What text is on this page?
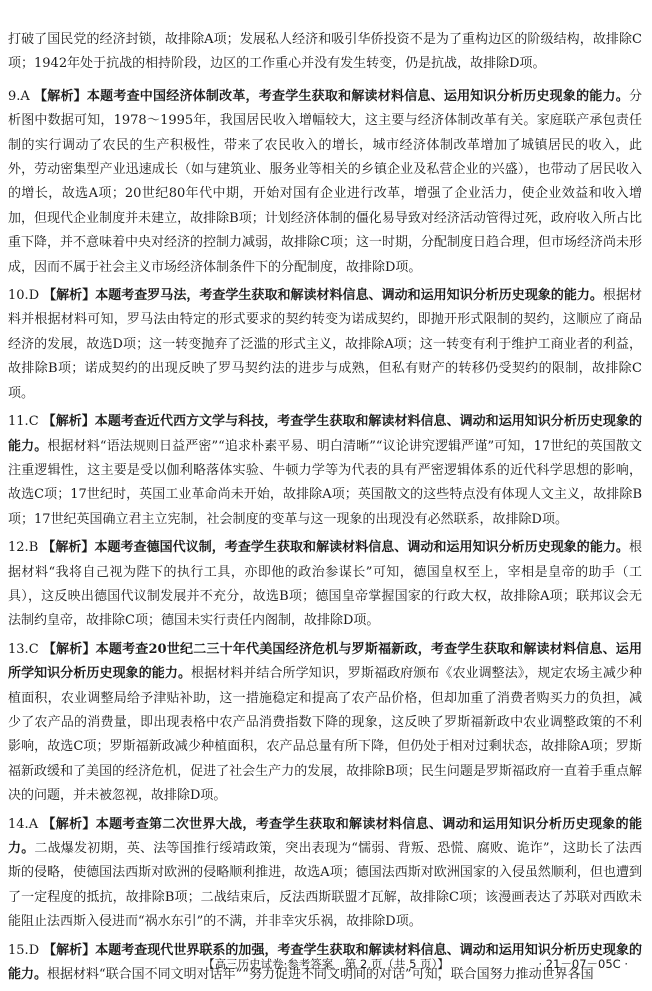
打破了国民党的经济封锁，故排除A项；发展私人经济和吸引华侨投资不是为了重构边区的阶级结构，故排除C项；1942年处于抗战的相持阶段，边区的工作重心并没有发生转变，仍是抗战，故排除D项。

9.A 【解析】本题考查中国经济体制改革，考查学生获取和解读材料信息、运用知识分析历史现象的能力。分析图中数据可知，1978～1995年，我国居民收入增幅较大，这主要与经济体制改革有关。家庭联产承包责任制的实行调动了农民的生产积极性，带来了农民收入的增长，城市经济体制改革增加了城镇居民的收入，此外，劳动密集型产业迅速成长（如与建筑业、服务业等相关的乡镇企业及私营企业的兴盛），也带动了居民收入的增长，故选A项；20世纪80年代中期，开始对国有企业进行改革，增强了企业活力，使企业效益和收入增加，但现代企业制度并未建立，故排除B项；计划经济体制的僵化易导致对经济活动管得过死，政府收入所占比重下降，并不意味着中央对经济的控制力减弱，故排除C项；这一时期，分配制度日趋合理，但市场经济尚未形成，因而不属于社会主义市场经济体制条件下的分配制度，故排除D项。

10.D 【解析】本题考查罗马法，考查学生获取和解读材料信息、调动和运用知识分析历史现象的能力。根据材料并根据材料可知，罗马法由特定的形式要求的契约转变为诺成契约，即抛开形式限制的契约，这顺应了商品经济的发展，故选D项；这一转变抛弃了泛滥的形式主义，故排除A项；这一转变有利于维护工商业者的利益，故排除B项；诺成契约的出现反映了罗马契约法的进步与成熟，但私有财产的转移仍受契约的限制，故排除C项。

11.C 【解析】本题考查近代西方文学与科技，考查学生获取和解读材料信息、调动和运用知识分析历史现象的能力。根据材料“语法规则日益严密”“追求朴素平易、明白清晰”“议论讲究逻辑严谨”可知，17世纪的英国散文注重逻辑性，这主要是受以伽利略落体实验、牛顿力学等为代表的具有严密逻辑体系的近代科学思想的影响，故选C项；17世纪时，英国工业革命尚未开始，故排除A项；英国散文的这些特点没有体现人文主义，故排除B项；17世纪英国确立君主立宪制，社会制度的变革与这一现象的出现没有必然联系，故排除D项。

12.B 【解析】本题考查德国代议制，考查学生获取和解读材料信息、调动和运用知识分析历史现象的能力。根据材料“我将自己视为陛下的执行工具，亦即他的政治参谋长”可知，德国皇权至上，宰相是皇帝的助手（工具），这反映出德国代议制发展并不充分，故选B项；德国皇帝掌握国家的行政大权，故排除A项；联邦议会无法制约皇帝，故排除C项；德国未实行责任内阁制，故排除D项。

13.C 【解析】本题考查20世纪二三十年代美国经济危机与罗斯福新政，考查学生获取和解读材料信息、运用所学知识分析历史现象的能力。根据材料并结合所学知识，罗斯福政府颁布《农业调整法》，规定农场主减少种植面积，农业调整局给予津贴补助，这一措施稳定和提高了农产品价格，但却加重了消费者购买力的负担，减少了农产品的消费量，即出现表格中农产品消费指数下降的现象，这反映了罗斯福新政中农业调整政策的不利影响，故选C项；罗斯福新政减少种植面积，农产品总量有所下降，但仍处于相对过剩状态，故排除A项；罗斯福新政缓和了美国的经济危机，促进了社会生产力的发展，故排除B项；民生问题是罗斯福政府一直着手重点解决的问题，并未被忽视，故排除D项。

14.A 【解析】本题考查第二次世界大战，考查学生获取和解读材料信息、调动和运用知识分析历史现象的能力。二战爆发初期，英、法等国推行绥靖政策，突出表现为“懦弱、背叛、恐慌、腐败、诡诈”，这助长了法西斯的侵略，使德国法西斯对欧洲的侵略顺利推进，故选A项；德国法西斯对欧洲国家的入侵虽然顺利，但也遭到了一定程度的抵抗，故排除B项；二战结束后，反法西斯联盟才瓦解，故排除C项；该漫画表达了苏联对西欧未能阻止法西斯入侵进而“祸水东引”的不满，并非幸灾乐祸，故排除D项。

15.D 【解析】本题考查现代世界联系的加强，考查学生获取和解读材料信息、调动和运用知识分析历史现象的能力。根据材料“联合国不同文明对话年”“努力促进不同文明间的对话”可知，联合国努力推动世界各国

【高三历史试卷·参考答案　第 2 页（共 5 页）】	· 21－07－05C ·
